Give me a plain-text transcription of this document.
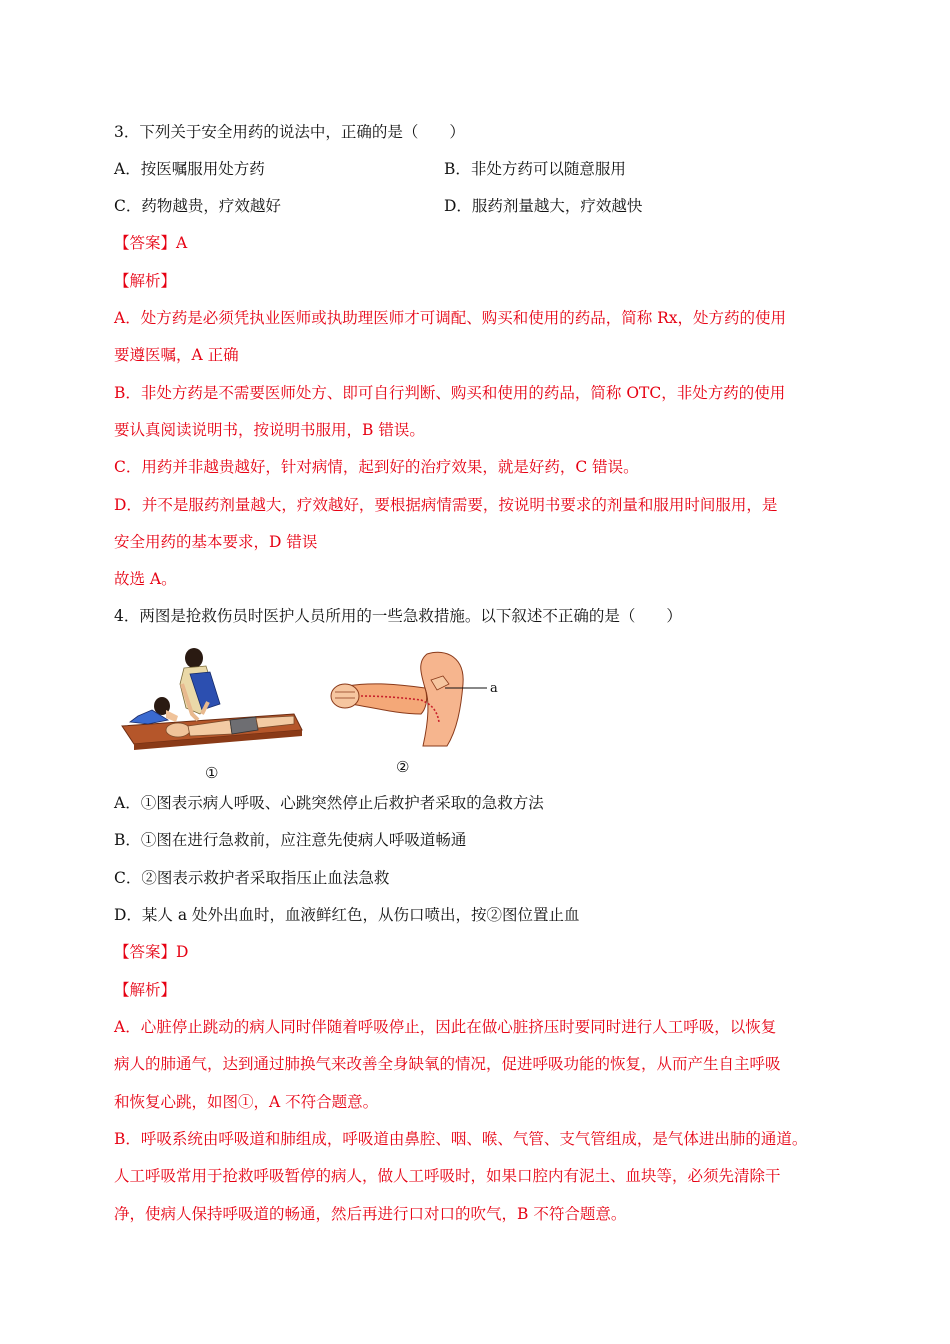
3．下列关于安全用药的说法中，正确的是（　　）
A．按医嘱服用处方药	B．非处方药可以随意服用
C．药物越贵，疗效越好	D．服药剂量越大，疗效越快
【答案】A
【解析】
A．处方药是必须凭执业医师或执助理医师才可调配、购买和使用的药品，简称 Rx，处方药的使用
要遵医嘱，A 正确
B．非处方药是不需要医师处方、即可自行判断、购买和使用的药品，简称 OTC，非处方药的使用
要认真阅读说明书，按说明书服用，B 错误。
C．用药并非越贵越好，针对病情，起到好的治疗效果，就是好药，C 错误。
D．并不是服药剂量越大，疗效越好，要根据病情需要，按说明书要求的剂量和服用时间服用，是
安全用药的基本要求，D 错误
故选 A。
4．两图是抢救伤员时医护人员所用的一些急救措施。以下叙述不正确的是（　　）
①
a
②
A．①图表示病人呼吸、心跳突然停止后救护者采取的急救方法
B．①图在进行急救前，应注意先使病人呼吸道畅通
C．②图表示救护者采取指压止血法急救
D．某人 a 处外出血时，血液鲜红色，从伤口喷出，按②图位置止血
【答案】D
【解析】
A．心脏停止跳动的病人同时伴随着呼吸停止，因此在做心脏挤压时要同时进行人工呼吸，以恢复
病人的肺通气，达到通过肺换气来改善全身缺氧的情况，促进呼吸功能的恢复，从而产生自主呼吸
和恢复心跳，如图①，A 不符合题意。
B．呼吸系统由呼吸道和肺组成，呼吸道由鼻腔、咽、喉、气管、支气管组成，是气体进出肺的通道。
人工呼吸常用于抢救呼吸暂停的病人，做人工呼吸时，如果口腔内有泥土、血块等，必须先清除干
净，使病人保持呼吸道的畅通，然后再进行口对口的吹气，B 不符合题意。
